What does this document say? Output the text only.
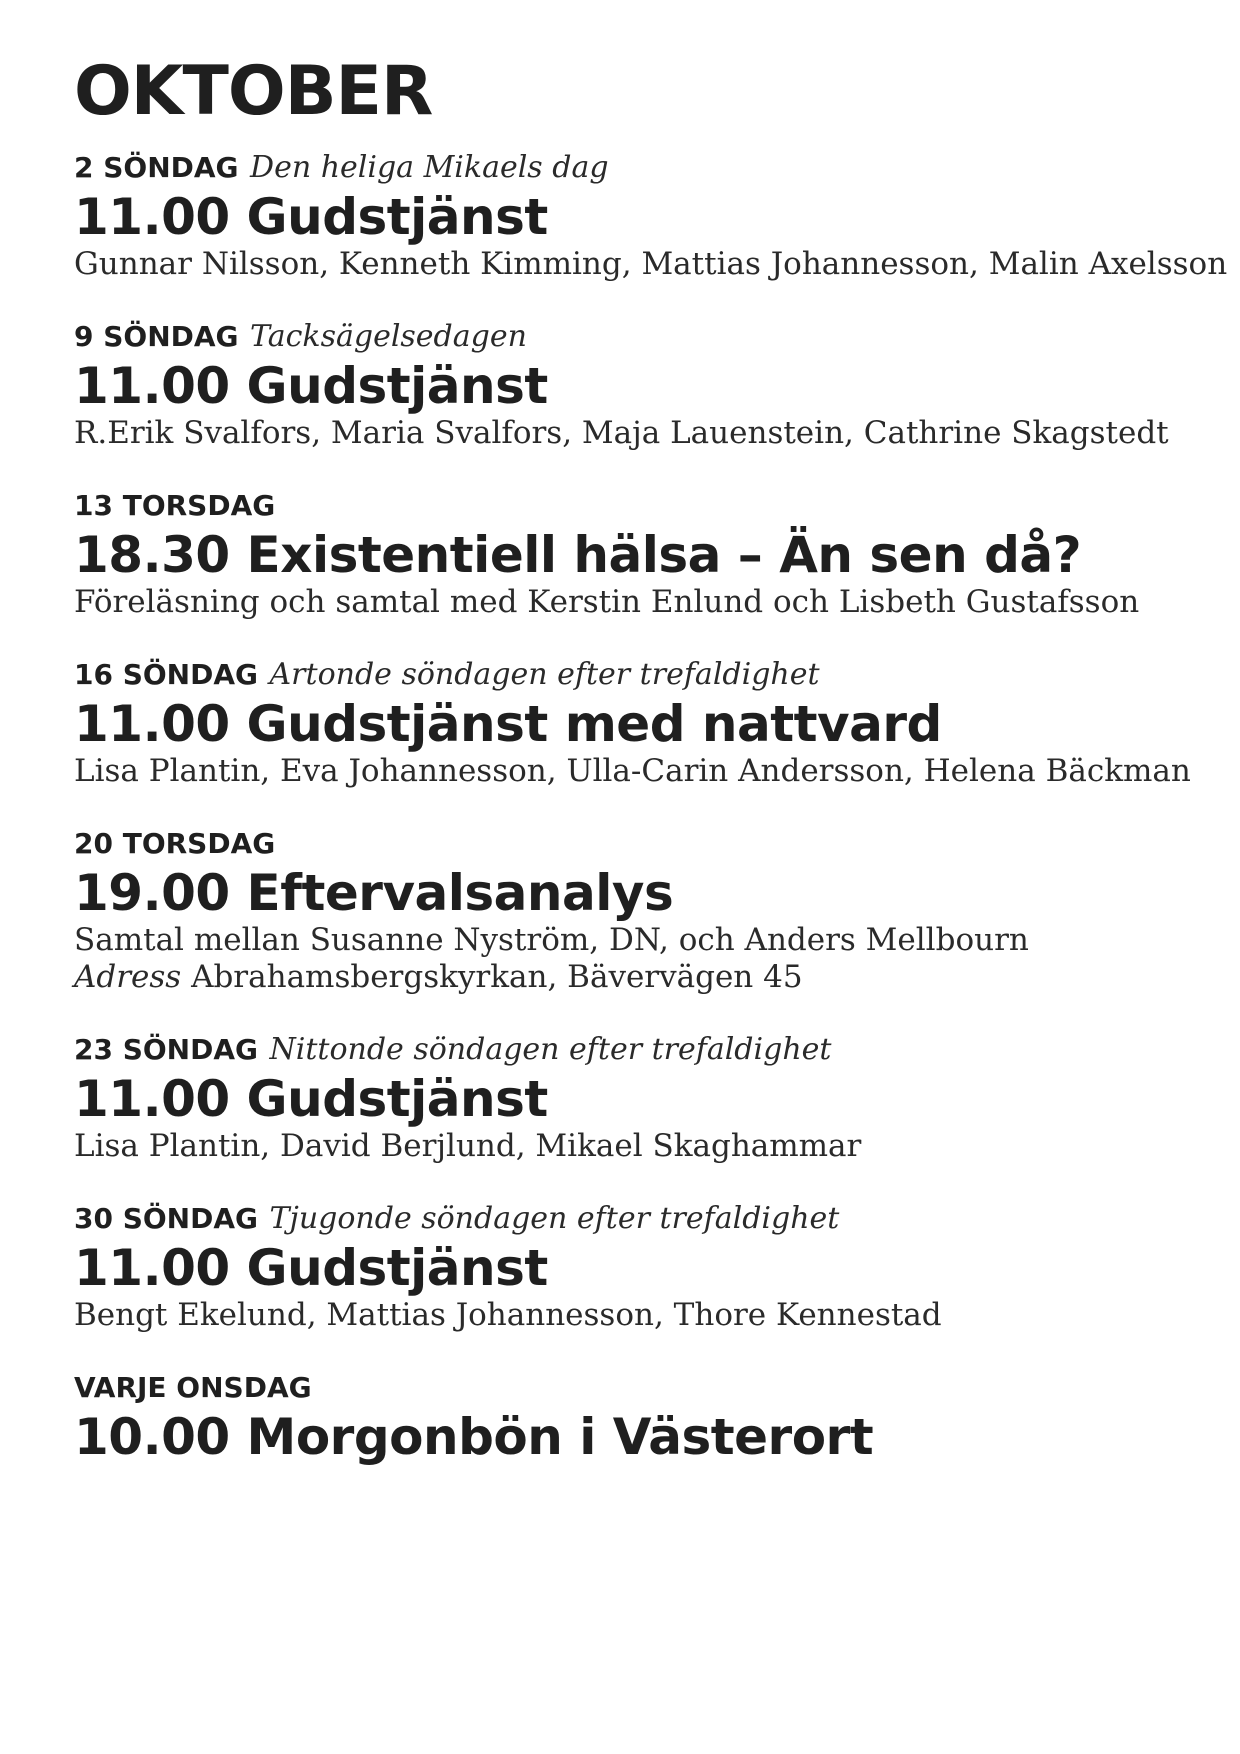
OKTOBER
2 SÖNDAG Den heliga Mikaels dag
11.00 Gudstjänst
Gunnar Nilsson, Kenneth Kimming, Mattias Johannesson, Malin Axelsson
9 SÖNDAG Tacksägelsedagen
11.00 Gudstjänst
R.Erik Svalfors, Maria Svalfors, Maja Lauenstein, Cathrine Skagstedt
13 TORSDAG
18.30 Existentiell hälsa – Än sen då?
Föreläsning och samtal med Kerstin Enlund och Lisbeth Gustafsson
16 SÖNDAG Artonde söndagen efter trefaldighet
11.00 Gudstjänst med nattvard
Lisa Plantin, Eva Johannesson, Ulla-Carin Andersson, Helena Bäckman
20 TORSDAG
19.00 Eftervalsanalys
Samtal mellan Susanne Nyström, DN, och Anders Mellbourn
Adress Abrahamsbergskyrkan, Bävervägen 45
23 SÖNDAG Nittonde söndagen efter trefaldighet
11.00 Gudstjänst
Lisa Plantin, David Berjlund, Mikael Skaghammar
30 SÖNDAG Tjugonde söndagen efter trefaldighet
11.00 Gudstjänst
Bengt Ekelund, Mattias Johannesson, Thore Kennestad
VARJE ONSDAG
10.00 Morgonbön i Västerort
